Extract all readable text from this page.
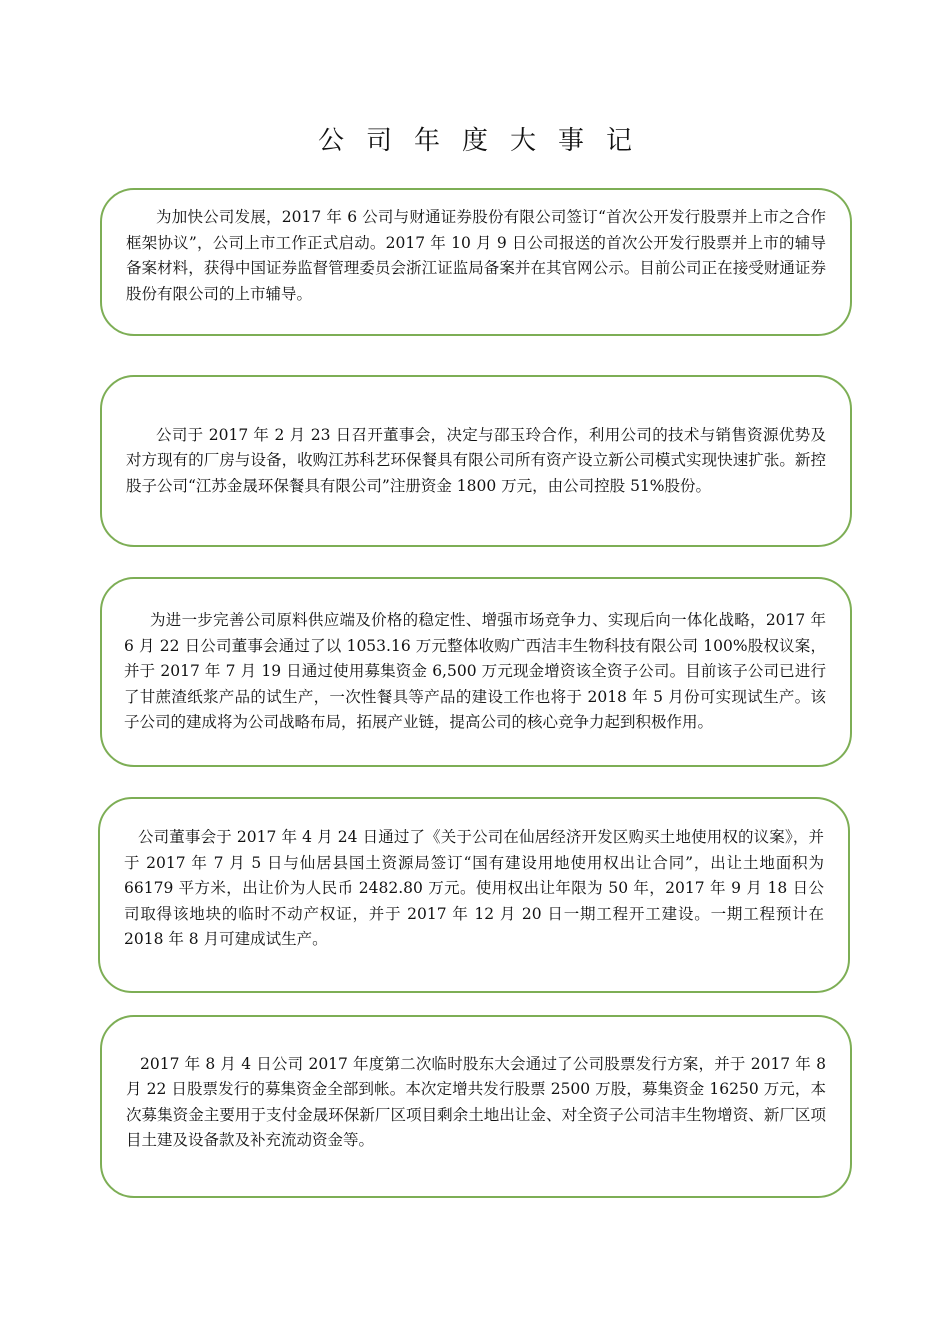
公司年度大事记

为加快公司发展，2017 年 6 公司与财通证券股份有限公司签订“首次公开发行股票并上市之合作框架协议”，公司上市工作正式启动。2017 年 10 月 9 日公司报送的首次公开发行股票并上市的辅导备案材料，获得中国证券监督管理委员会浙江证监局备案并在其官网公示。目前公司正在接受财通证券股份有限公司的上市辅导。

公司于 2017 年 2 月 23 日召开董事会，决定与邵玉玲合作，利用公司的技术与销售资源优势及对方现有的厂房与设备，收购江苏科艺环保餐具有限公司所有资产设立新公司模式实现快速扩张。新控股子公司“江苏金晟环保餐具有限公司”注册资金 1800 万元，由公司控股 51%股份。

为进一步完善公司原料供应端及价格的稳定性、增强市场竞争力、实现后向一体化战略，2017 年 6 月 22 日公司董事会通过了以 1053.16 万元整体收购广西洁丰生物科技有限公司 100%股权议案，并于 2017 年 7 月 19 日通过使用募集资金 6,500 万元现金增资该全资子公司。目前该子公司已进行了甘蔗渣纸浆产品的试生产，一次性餐具等产品的建设工作也将于 2018 年 5 月份可实现试生产。该子公司的建成将为公司战略布局，拓展产业链，提高公司的核心竞争力起到积极作用。

公司董事会于 2017 年 4 月 24 日通过了《关于公司在仙居经济开发区购买土地使用权的议案》，并于 2017 年 7 月 5 日与仙居县国土资源局签订“国有建设用地使用权出让合同”，出让土地面积为 66179 平方米，出让价为人民币 2482.80 万元。使用权出让年限为 50 年，2017 年 9 月 18 日公司取得该地块的临时不动产权证，并于 2017 年 12 月 20 日一期工程开工建设。一期工程预计在 2018 年 8 月可建成试生产。

2017 年 8 月 4 日公司 2017 年度第二次临时股东大会通过了公司股票发行方案，并于 2017 年 8 月 22 日股票发行的募集资金全部到帐。本次定增共发行股票 2500 万股，募集资金 16250 万元，本次募集资金主要用于支付金晟环保新厂区项目剩余土地出让金、对全资子公司洁丰生物增资、新厂区项目土建及设备款及补充流动资金等。
